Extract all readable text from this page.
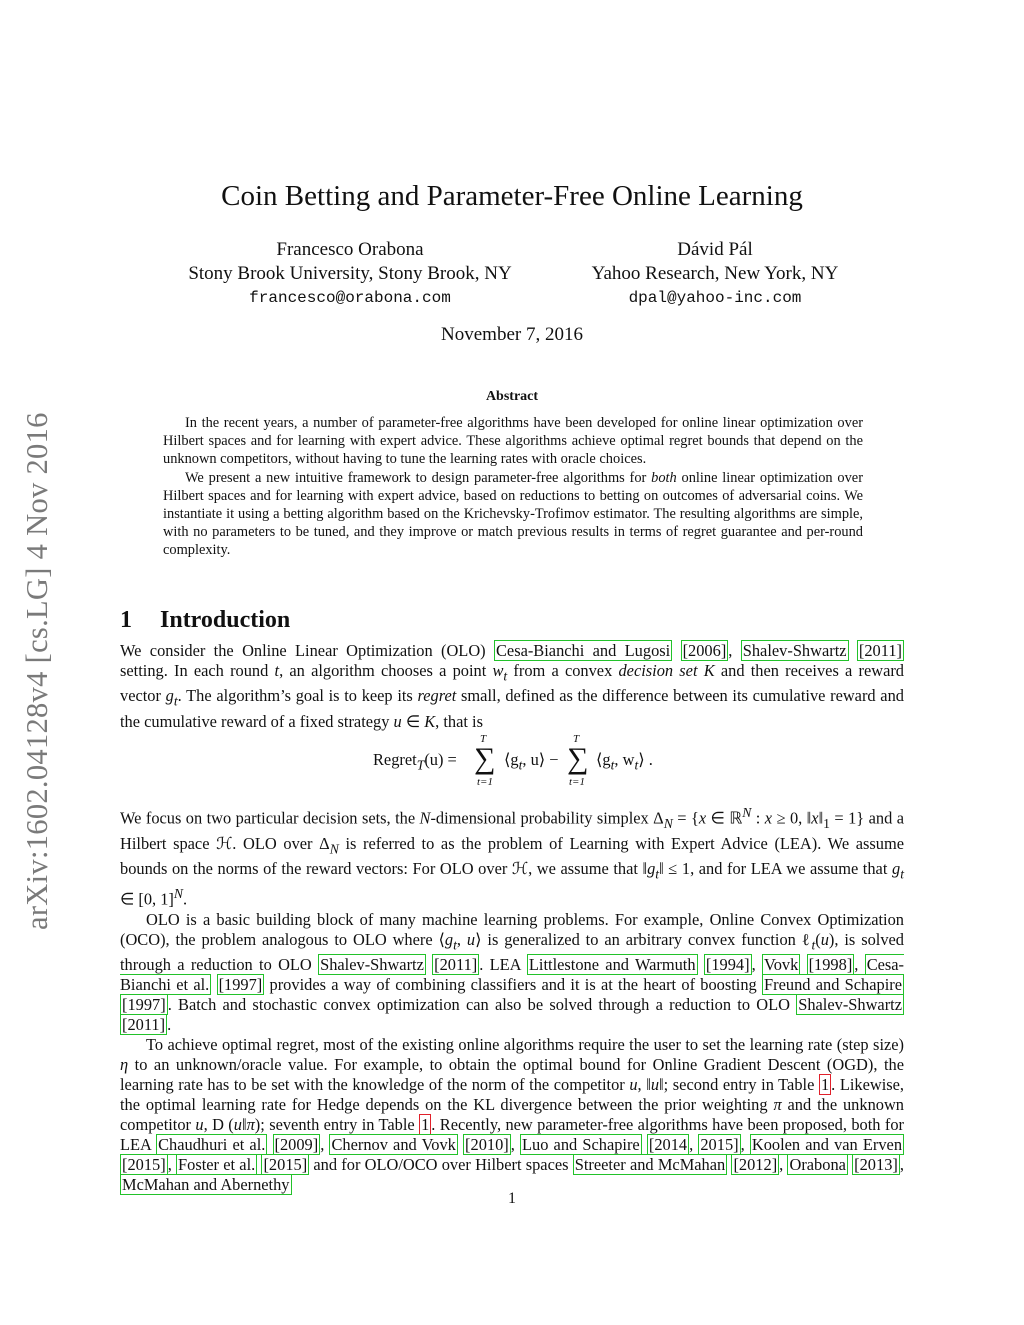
arXiv:1602.04128v4 [cs.LG] 4 Nov 2016
Coin Betting and Parameter-Free Online Learning
Francesco Orabona
Stony Brook University, Stony Brook, NY
francesco@orabona.com
Dávid Pál
Yahoo Research, New York, NY
dpal@yahoo-inc.com
November 7, 2016
Abstract

In the recent years, a number of parameter-free algorithms have been developed for online linear optimization over Hilbert spaces and for learning with expert advice. These algorithms achieve optimal regret bounds that depend on the unknown competitors, without having to tune the learning rates with oracle choices.

We present a new intuitive framework to design parameter-free algorithms for both online linear optimization over Hilbert spaces and for learning with expert advice, based on reductions to betting on outcomes of adversarial coins. We instantiate it using a betting algorithm based on the Krichevsky-Trofimov estimator. The resulting algorithms are simple, with no parameters to be tuned, and they improve or match previous results in terms of regret guarantee and per-round complexity.

1 Introduction

We consider the Online Linear Optimization (OLO) Cesa-Bianchi and Lugosi [2006] , Shalev-Shwartz [2011] setting. In each round t, an algorithm chooses a point $w_t$ from a convex decision set K and then receives a reward vector $g_t$. The algorithm’s goal is to keep its regret small, defined as the difference between its cumulative reward and the cumulative reward of a fixed strategy u ∈ K, that is

Regret$_T$(u) =
T
∑
t=1
$⟨g_t$, u⟩ −
T
∑
t=1
$⟨g_t$, $w_t⟩$ .

We focus on two particular decision sets, the N-dimensional probability simplex $\Delta_N = \{x$ ∈ ℝ$^N$ : x ≥ 0, $‖x‖_1 = 1$} and a Hilbert space ℋ. OLO over $\Delta_N$ is referred to as the problem of Learning with Expert Advice (LEA). We assume bounds on the norms of the reward vectors: For OLO over ℋ, we assume that $‖g_t‖ \le 1$, and for LEA we assume that $g_t$ ∈ [0, 1]$^N$.

OLO is a basic building block of many machine learning problems. For example, Online Convex Optimization (OCO), the problem analogous to OLO where $⟨g_t$, u⟩ is generalized to an arbitrary convex function ℓ$_t$(u), is solved through a reduction to OLO Shalev-Shwartz [2011] . LEA Littlestone and Warmuth [1994] , Vovk [1998] , Cesa-Bianchi et al. [1997] provides a way of combining classifiers and it is at the heart of boosting Freund and Schapire [1997] . Batch and stochastic convex optimization can also be solved through a reduction to OLO Shalev-Shwartz [2011] .

To achieve optimal regret, most of the existing online algorithms require the user to set the learning rate (step size) η to an unknown/oracle value. For example, to obtain the optimal bound for Online Gradient Descent (OGD), the learning rate has to be set with the knowledge of the norm of the competitor u, ‖u‖; second entry in Table 1 . Likewise, the optimal learning rate for Hedge depends on the KL divergence between the prior weighting π and the unknown competitor u, D (u‖π); seventh entry in Table 1 . Recently, new parameter-free algorithms have been proposed, both for LEA Chaudhuri et al. [2009] , Chernov and Vovk [2010] , Luo and Schapire [2014 , 2015] , Koolen and van Erven [2015] , Foster et al. [2015] and for OLO/OCO over Hilbert spaces Streeter and McMahan [2012] , Orabona [2013] , McMahan and Abernethy

1
